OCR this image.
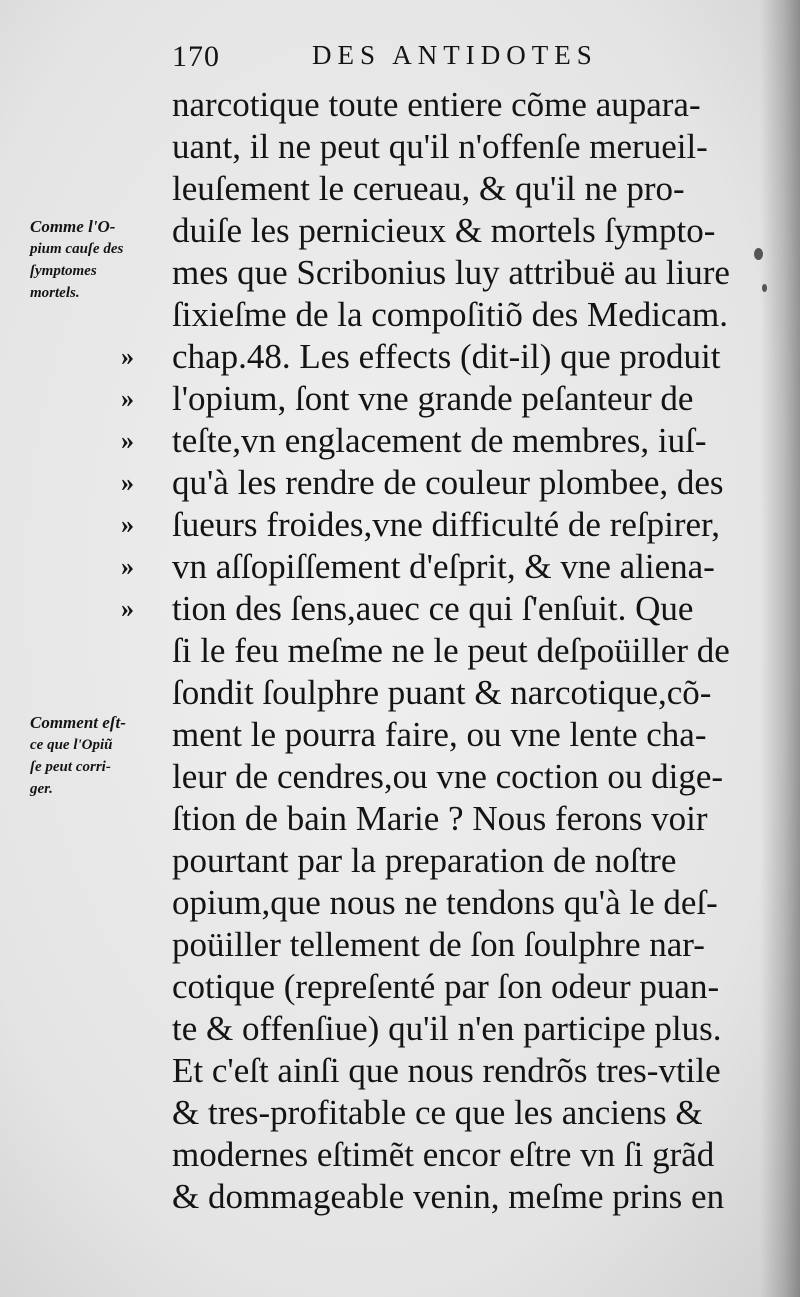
170	DES ANTIDOTES
narcotique toute entiere cõme aupara-
uant, il ne peut qu'il n'offenſe merueil-
leuſement le cerueau, & qu'il ne pro-
duiſe les pernicieux & mortels ſympto-
mes que Scribonius luy attribuë au liure
ſixieſme de la compoſitiõ des Medicam.
chap.48. Les effects (dit-il) que produit
l'opium, ſont vne grande peſanteur de
teſte,vn englacement de membres, iuſ-
qu'à les rendre de couleur plombee, des
ſueurs froides,vne difficulté de reſpirer,
vn aſſopiſſement d'eſprit, & vne aliena-
tion des ſens,auec ce qui ſ'enſuit. Que
ſi le feu meſme ne le peut deſpoüiller de
ſondit ſoulphre puant & narcotique,cõ-
ment le pourra faire, ou vne lente cha-
leur de cendres,ou vne coction ou dige-
ſtion de bain Marie ? Nous ferons voir
pourtant par la preparation de noſtre
opium,que nous ne tendons qu'à le deſ-
poüiller tellement de ſon ſoulphre nar-
cotique (repreſenté par ſon odeur puan-
te & offenſiue) qu'il n'en participe plus.
Et c'eſt ainſi que nous rendrõs tres-vtile
& tres-profitable ce que les anciens &
modernes eſtimẽt encor eſtre vn ſi grãd
& dommageable venin, meſme prins en
»
»
»
»
»
»
»
Comme l'O-
pium cauſe des
ſymptomes
mortels.
Comment eſt-
ce que l'Opiũ
ſe peut corri-
ger.
